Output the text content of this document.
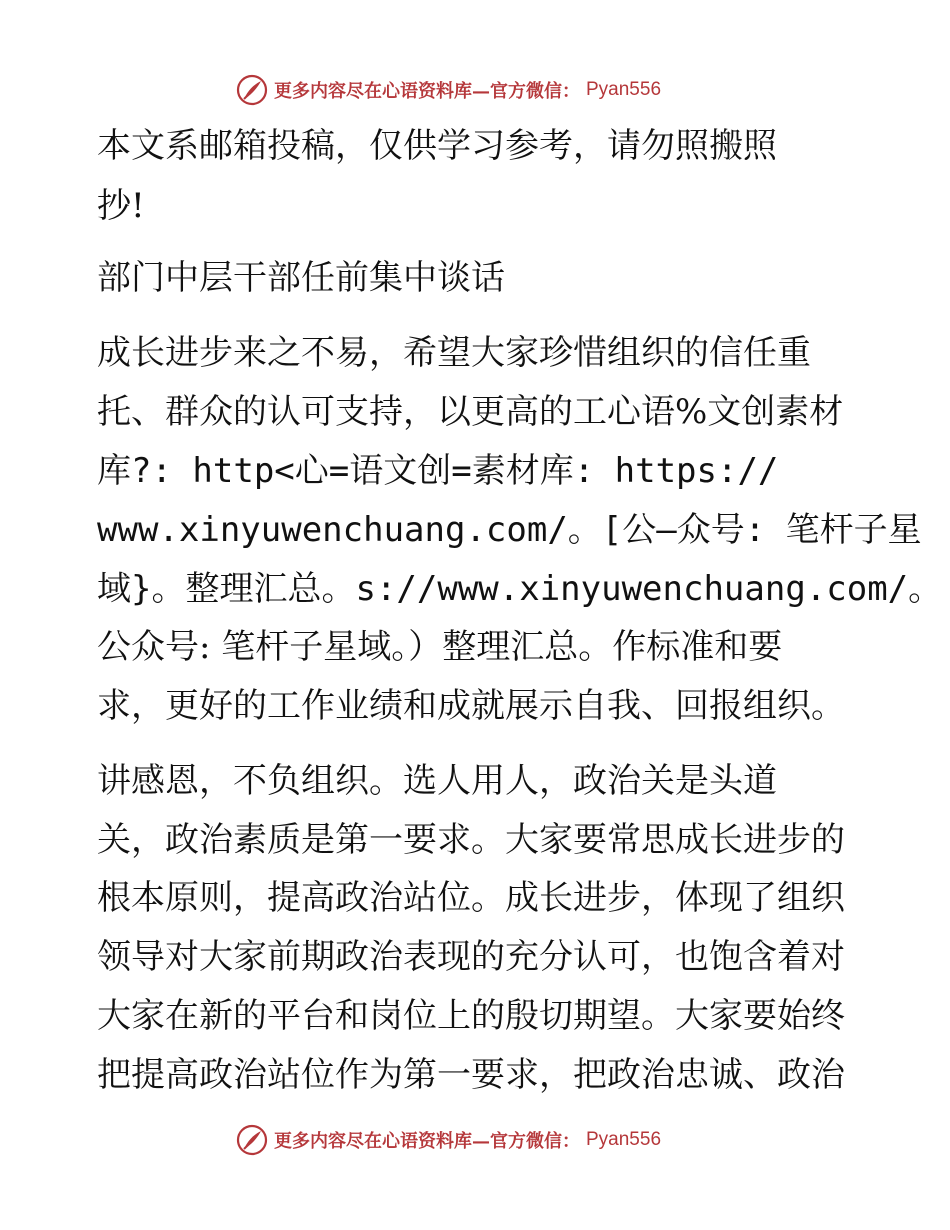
更多内容尽在心语资料库—官方微信： Pyan556
本文系邮箱投稿，仅供学习参考，请勿照搬照
抄!
部门中层干部任前集中谈话
成长进步来之不易，希望大家珍惜组织的信任重
托、群众的认可支持，以更高的工心语%文创素材
库?: http<心=语文创=素材库: https://
www.xinyuwenchuang.com/。[公—众号: 笔杆子星
域}。整理汇总。s://www.xinyuwenchuang.com/。
公众号: 笔杆子星域。）整理汇总。作标准和要
求，更好的工作业绩和成就展示自我、回报组织。
讲感恩，不负组织。选人用人，政治关是头道
关，政治素质是第一要求。大家要常思成长进步的
根本原则，提高政治站位。成长进步，体现了组织
领导对大家前期政治表现的充分认可，也饱含着对
大家在新的平台和岗位上的殷切期望。大家要始终
把提高政治站位作为第一要求，把政治忠诚、政治
更多内容尽在心语资料库—官方微信： Pyan556
